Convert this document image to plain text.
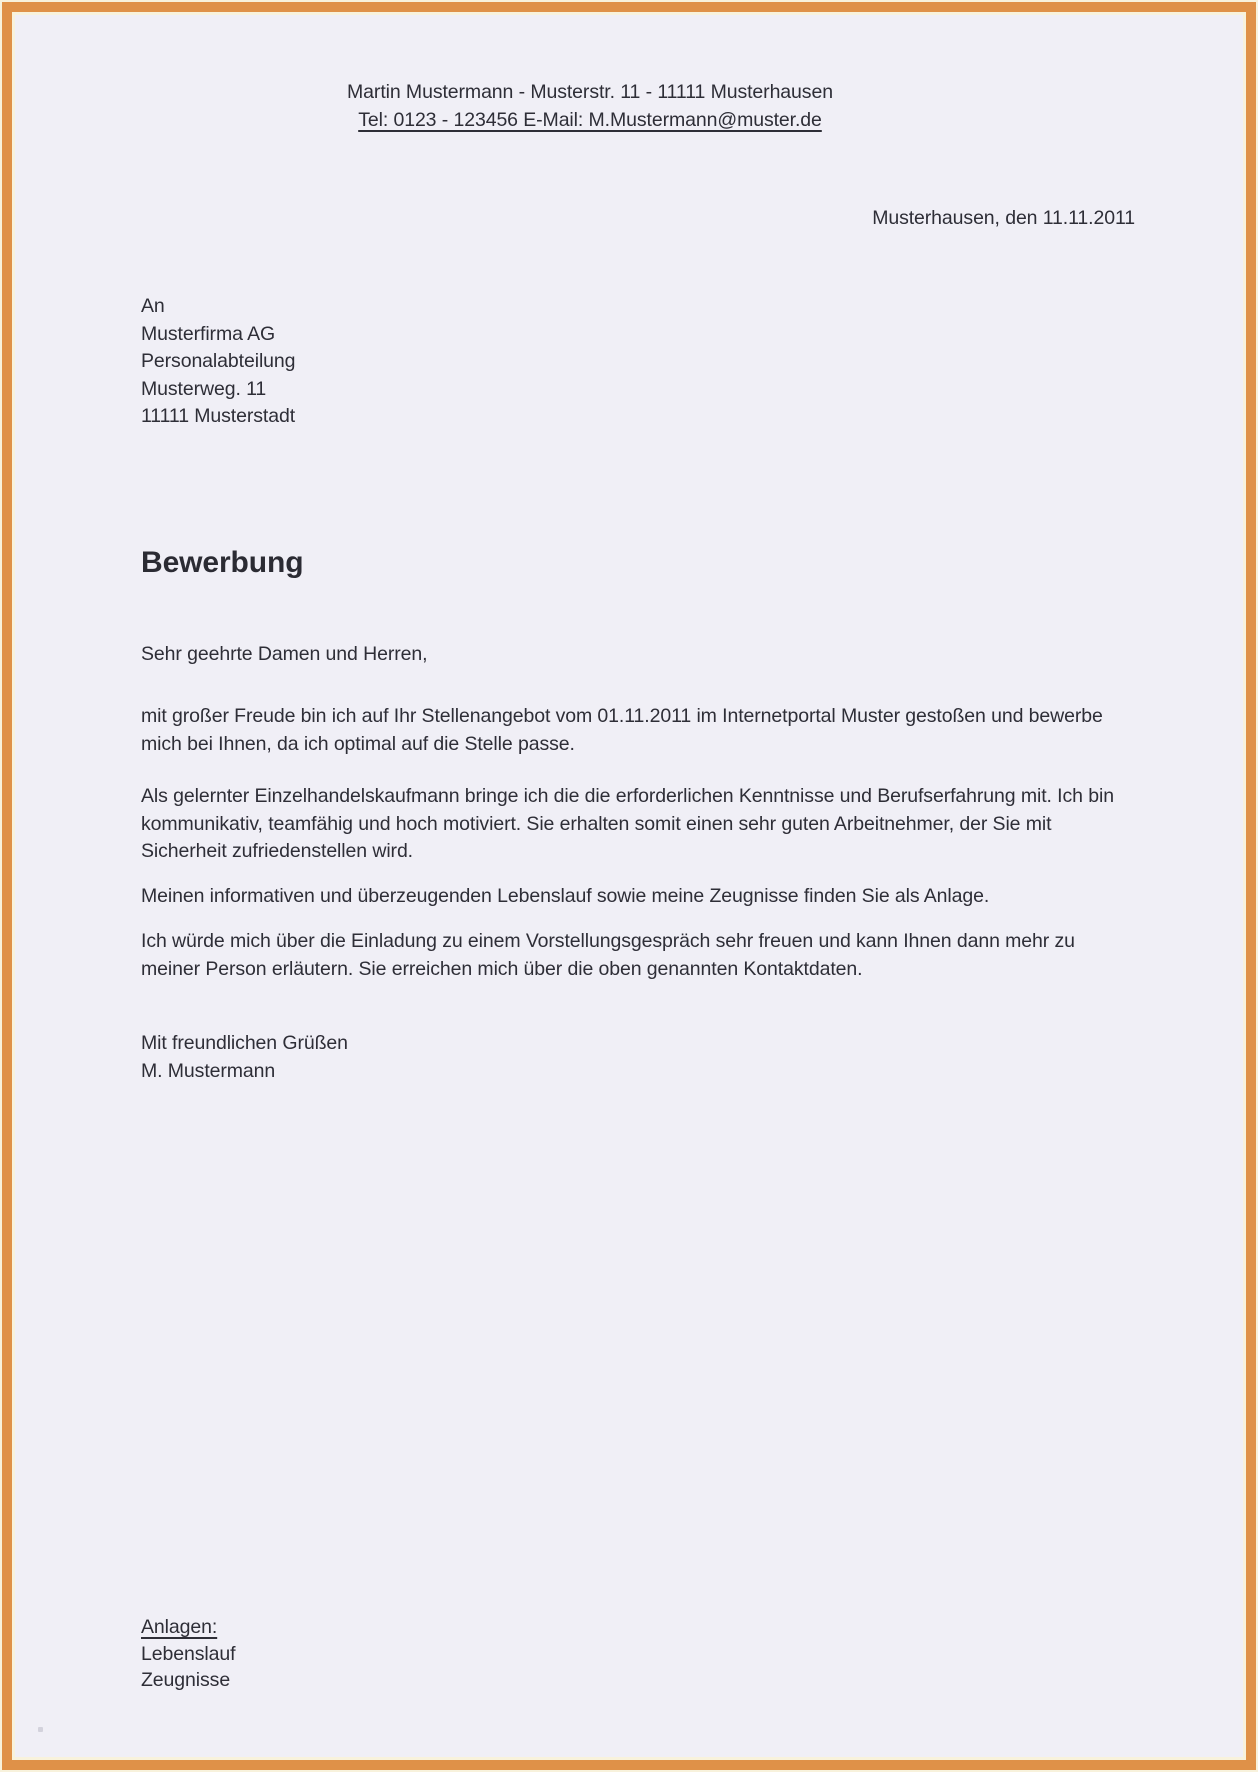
Martin Mustermann - Musterstr. 11 - 11111 Musterhausen
Tel: 0123 - 123456 E-Mail: M.Mustermann@muster.de
Musterhausen, den 11.11.2011
An
Musterfirma AG
Personalabteilung
Musterweg. 11
11111 Musterstadt
Bewerbung
Sehr geehrte Damen und Herren,

mit großer Freude bin ich auf Ihr Stellenangebot vom 01.11.2011 im Internetportal Muster gestoßen und bewerbe mich bei Ihnen, da ich optimal auf die Stelle passe.

Als gelernter Einzelhandelskaufmann bringe ich die die erforderlichen Kenntnisse und Berufserfahrung mit. Ich bin kommunikativ, teamfähig und hoch motiviert. Sie erhalten somit einen sehr guten Arbeitnehmer, der Sie mit Sicherheit zufriedenstellen wird.

Meinen informativen und überzeugenden Lebenslauf sowie meine Zeugnisse finden Sie als Anlage.

Ich würde mich über die Einladung zu einem Vorstellungsgespräch sehr freuen und kann Ihnen dann mehr zu meiner Person erläutern. Sie erreichen mich über die oben genannten Kontaktdaten.

Mit freundlichen Grüßen
M. Mustermann
Anlagen:
Lebenslauf
Zeugnisse
